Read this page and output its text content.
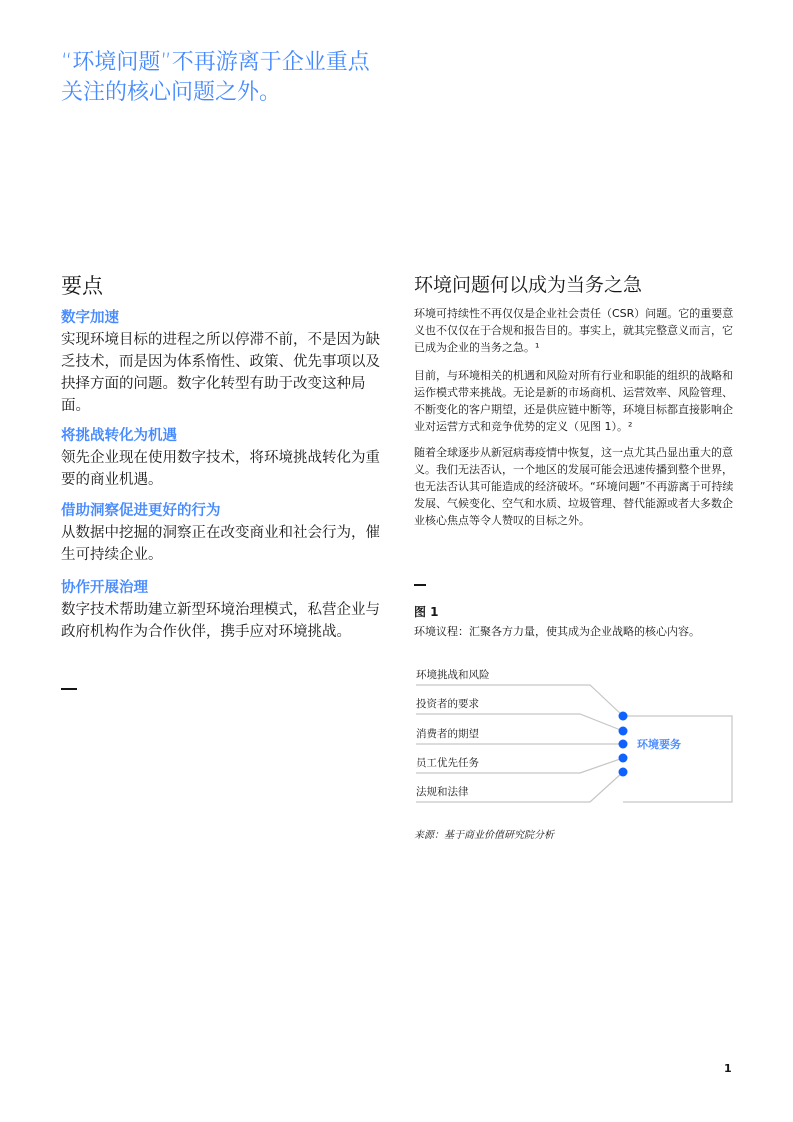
“环境问题”不再游离于企业重点关注的核心问题之外。

要点
数字加速

实现环境目标的进程之所以停滞不前，不是因为缺乏技术，而是因为体系惰性、政策、优先事项以及抉择方面的问题。数字化转型有助于改变这种局面。

将挑战转化为机遇

领先企业现在使用数字技术，将环境挑战转化为重要的商业机遇。

借助洞察促进更好的行为

从数据中挖掘的洞察正在改变商业和社会行为，催生可持续企业。

协作开展治理

数字技术帮助建立新型环境治理模式，私营企业与政府机构作为合作伙伴，携手应对环境挑战。

环境问题何以成为当务之急

环境可持续性不再仅仅是企业社会责任（CSR）问题。它的重要意义也不仅仅在于合规和报告目的。事实上，就其完整意义而言，它已成为企业的当务之急。¹

目前，与环境相关的机遇和风险对所有行业和职能的组织的战略和运作模式带来挑战。无论是新的市场商机、运营效率、风险管理、不断变化的客户期望，还是供应链中断等，环境目标都直接影响企业对运营方式和竞争优势的定义（见图 1）。²

随着全球逐步从新冠病毒疫情中恢复，这一点尤其凸显出重大的意义。我们无法否认，一个地区的发展可能会迅速传播到整个世界，也无法否认其可能造成的经济破坏。“环境问题”不再游离于可持续发展、气候变化、空气和水质、垃圾管理、替代能源或者大多数企业核心焦点等令人赞叹的目标之外。

图 1

环境议程：汇聚各方力量，使其成为企业战略的核心内容。

环境挑战和风险
投资者的要求
消费者的期望
员工优先任务
法规和法律
环境要务

来源：基于商业价值研究院分析

1
